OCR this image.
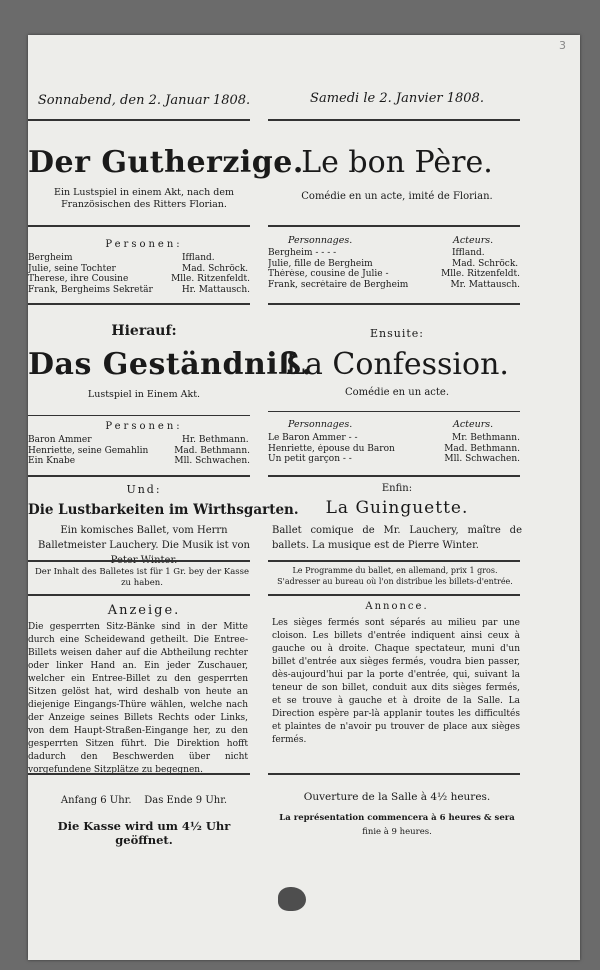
3
Sonnabend, den 2. Januar 1808.
Der Gutherzige.
Ein Lustspiel in einem Akt, nach dem Französischen des Ritters Florian.
Personen:
Bergheim	Iffland.
Julie, seine Tochter	Mad. Schröck.
Therese, ihre Cousine	Mlle. Ritzenfeldt.
Frank, Bergheims Sekretär	Hr. Mattausch.
Hierauf:
Das Geständniß.
Lustspiel in Einem Akt.
Personen:
Baron Ammer	Hr. Bethmann.
Henriette, seine Gemahlin	Mad. Bethmann.
Ein Knabe	Mll. Schwachen.
Und:
Die Lustbarkeiten im Wirthsgarten.
Ein komisches Ballet, vom Herrn Balletmeister Lauchery. Die Musik ist von Peter Winter.
Der Inhalt des Balletes ist für 1 Gr. bey der Kasse zu haben.
Anzeige.
Die gesperrten Sitz-Bänke sind in der Mitte durch eine Scheidewand getheilt. Die Entree-Billets weisen daher auf die Abtheilung rechter oder linker Hand an. Ein jeder Zuschauer, welcher ein Entree-Billet zu den gesperrten Sitzen gelöst hat, wird deshalb von heute an diejenige Eingangs-Thüre wählen, welche nach der Anzeige seines Billets Rechts oder Links, von dem Haupt-Straßen-Eingange her, zu den gesperrten Sitzen führt. Die Direktion hofft dadurch den Beschwerden über nicht vorgefundene Sitzplätze zu begegnen.
Anfang 6 Uhr.    Das Ende 9 Uhr.
Die Kasse wird um 4½ Uhr geöffnet.
Samedi le 2. Janvier 1808.
Le bon Père.
Comédie en un acte, imité de Florian.
Personnages.	Acteurs.
Bergheim - - - -	Iffland.
Julie, fille de Bergheim	Mad. Schröck.
Thérèse, cousine de Julie -	Mlle. Ritzenfeldt.
Frank, secrétaire de Bergheim	Mr. Mattausch.
Ensuite:
La Confession.
Comédie en un acte.
Personnages.	Acteurs.
Le Baron Ammer - -	Mr. Bethmann.
Henriette, épouse du Baron	Mad. Bethmann.
Un petit garçon - -	Mll. Schwachen.
Enfin:
La Guinguette.
Ballet comique de Mr. Lauchery, maître de ballets. La musique est de Pierre Winter.
Le Programme du ballet, en allemand, prix 1 gros. S'adresser au bureau où l'on distribue les billets-d'entrée.
Annonce.
Les sièges fermés sont séparés au milieu par une cloison. Les billets d'entrée indiquent ainsi ceux à gauche ou à droite. Chaque spectateur, muni d'un billet d'entrée aux sièges fermés, voudra bien passer, dès-aujourd'hui par la porte d'entrée, qui, suivant la teneur de son billet, conduit aux dits sièges fermés, et se trouve à gauche et à droite de la Salle. La Direction espère par-là applanir toutes les difficultés et plaintes de n'avoir pu trouver de place aux sièges fermés.
Ouverture de la Salle à 4½ heures.
La représentation commencera à 6 heures & sera
finie à 9 heures.
